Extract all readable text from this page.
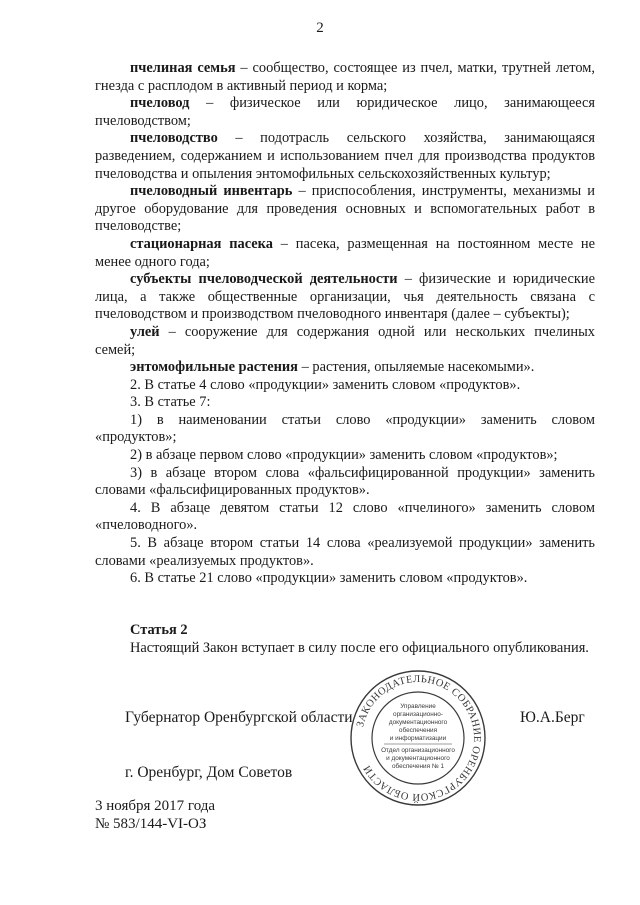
2

пчелиная семья – сообщество, состоящее из пчел, матки, трутней летом, гнезда с расплодом в активный период и корма;

пчеловод – физическое или юридическое лицо, занимающееся пчеловодством;

пчеловодство – подотрасль сельского хозяйства, занимающаяся разведением, содержанием и использованием пчел для производства продуктов пчеловодства и опыления энтомофильных сельскохозяйственных культур;

пчеловодный инвентарь – приспособления, инструменты, механизмы и другое оборудование для проведения основных и вспомогательных работ в пчеловодстве;

стационарная пасека – пасека, размещенная на постоянном месте не менее одного года;

субъекты пчеловодческой деятельности – физические и юридические лица, а также общественные организации, чья деятельность связана с пчеловодством и производством пчеловодного инвентаря (далее – субъекты);

улей – сооружение для содержания одной или нескольких пчелиных семей;

энтомофильные растения – растения, опыляемые насекомыми».

2. В статье 4 слово «продукции» заменить словом «продуктов».

3. В статье 7:

1) в наименовании статьи слово «продукции» заменить словом «продуктов»;

2) в абзаце первом слово «продукции» заменить словом «продуктов»;

3) в абзаце втором слова «фальсифицированной продукции» заменить словами «фальсифицированных продуктов».

4. В абзаце девятом статьи 12 слово «пчелиного» заменить словом «пчеловодного».

5. В абзаце втором статьи 14 слова «реализуемой продукции» заменить словами «реализуемых продуктов».

6. В статье 21 слово «продукции» заменить словом «продуктов».

Статья 2

Настоящий Закон вступает в силу после его официального опубликования.

ЗАКОНОДАТЕЛЬНОЕ СОБРАНИЕ ОРЕНБУРГСКОЙ ОБЛАСТИ
Управление
организационно-
документационного
обеспечения
и информатизации
Отдел организационного
и документационного
обеспечения № 1
Губернатор Оренбургской области	Ю.А.Берг
г. Оренбург, Дом Советов
3 ноября 2017 года
№ 583/144-VI-ОЗ
